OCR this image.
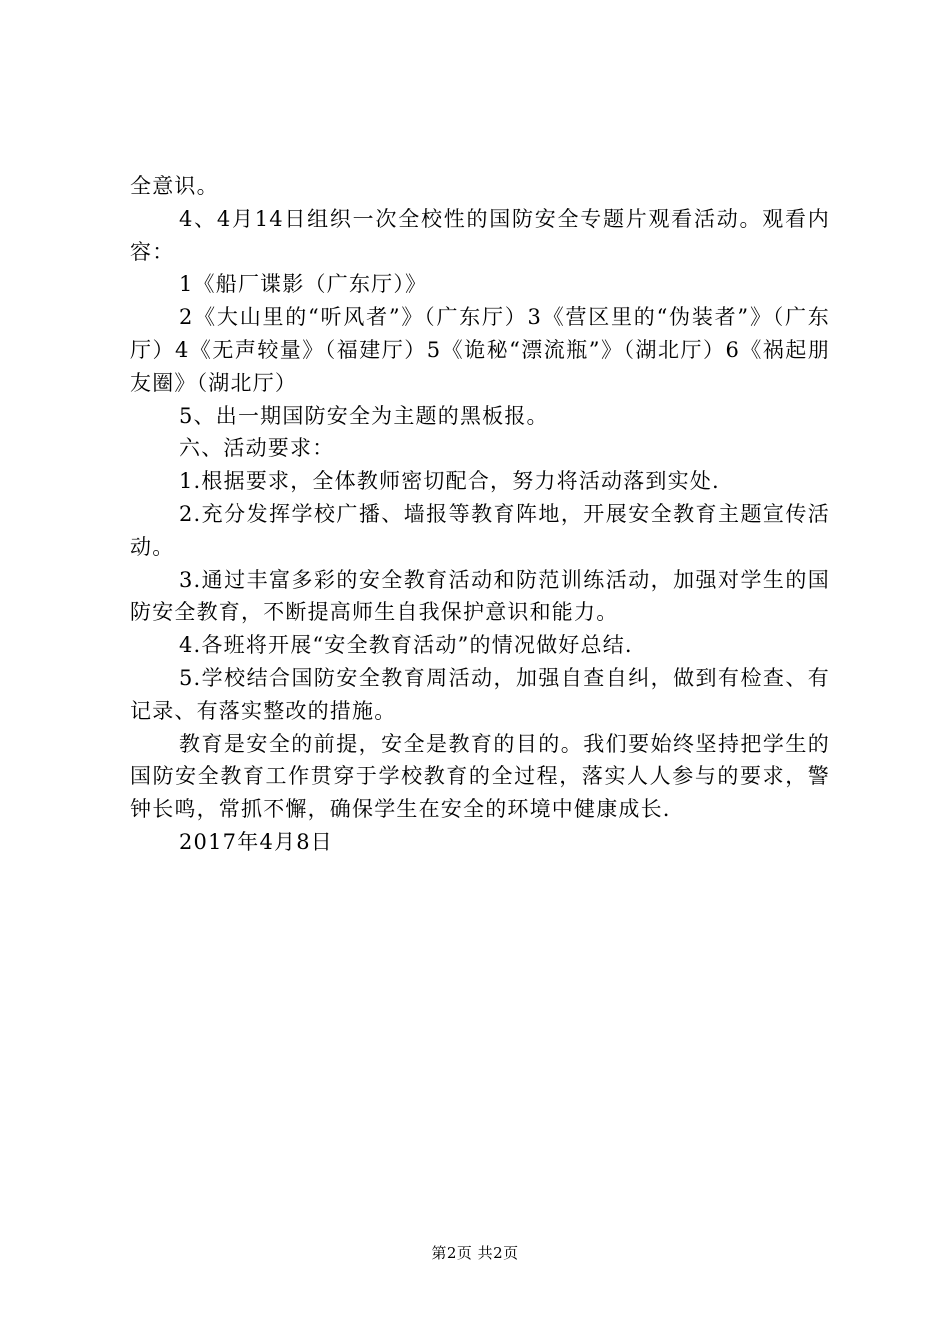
全意识。

4、4月14日组织一次全校性的国防安全专题片观看活动。观看内容：

1《船厂谍影（广东厅）》

2《大山里的“听风者”》（广东厅）3《营区里的“伪装者”》（广东厅）4《无声较量》（福建厅）5《诡秘“漂流瓶”》（湖北厅）6《祸起朋友圈》（湖北厅）

5、出一期国防安全为主题的黑板报。

六、活动要求：

1.根据要求，全体教师密切配合，努力将活动落到实处.

2.充分发挥学校广播、墙报等教育阵地，开展安全教育主题宣传活动。

3.通过丰富多彩的安全教育活动和防范训练活动，加强对学生的国防安全教育，不断提高师生自我保护意识和能力。

4.各班将开展“安全教育活动”的情况做好总结.

5.学校结合国防安全教育周活动，加强自查自纠，做到有检查、有记录、有落实整改的措施。

教育是安全的前提，安全是教育的目的。我们要始终坚持把学生的国防安全教育工作贯穿于学校教育的全过程，落实人人参与的要求，警钟长鸣，常抓不懈，确保学生在安全的环境中健康成长.

2017年4月8日

第2页 共2页
